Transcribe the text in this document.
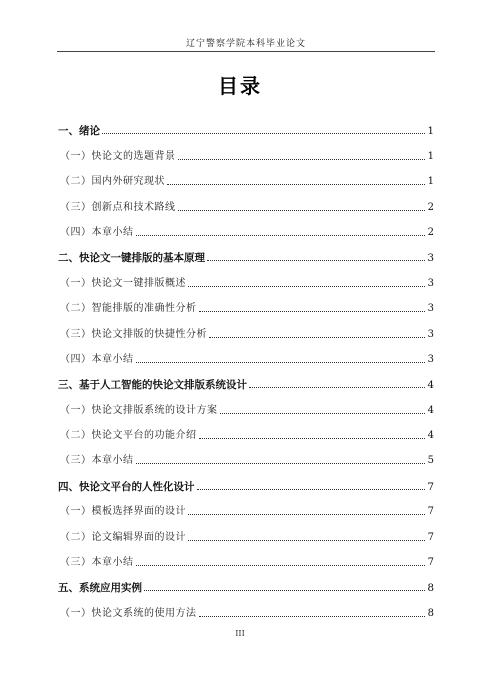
辽宁警察学院本科毕业论文
目录
一、绪论	1
（一）快论文的选题背景	1
（二）国内外研究现状	1
（三）创新点和技术路线	2
（四）本章小结	2
二、快论文一键排版的基本原理	3
（一）快论文一键排版概述	3
（二）智能排版的准确性分析	3
（三）快论文排版的快捷性分析	3
（四）本章小结	3
三、基于人工智能的快论文排版系统设计	4
（一）快论文排版系统的设计方案	4
（二）快论文平台的功能介绍	4
（三）本章小结	5
四、快论文平台的人性化设计	7
（一）模板选择界面的设计	7
（二）论文编辑界面的设计	7
（三）本章小结	7
五、系统应用实例	8
（一）快论文系统的使用方法	8
III
